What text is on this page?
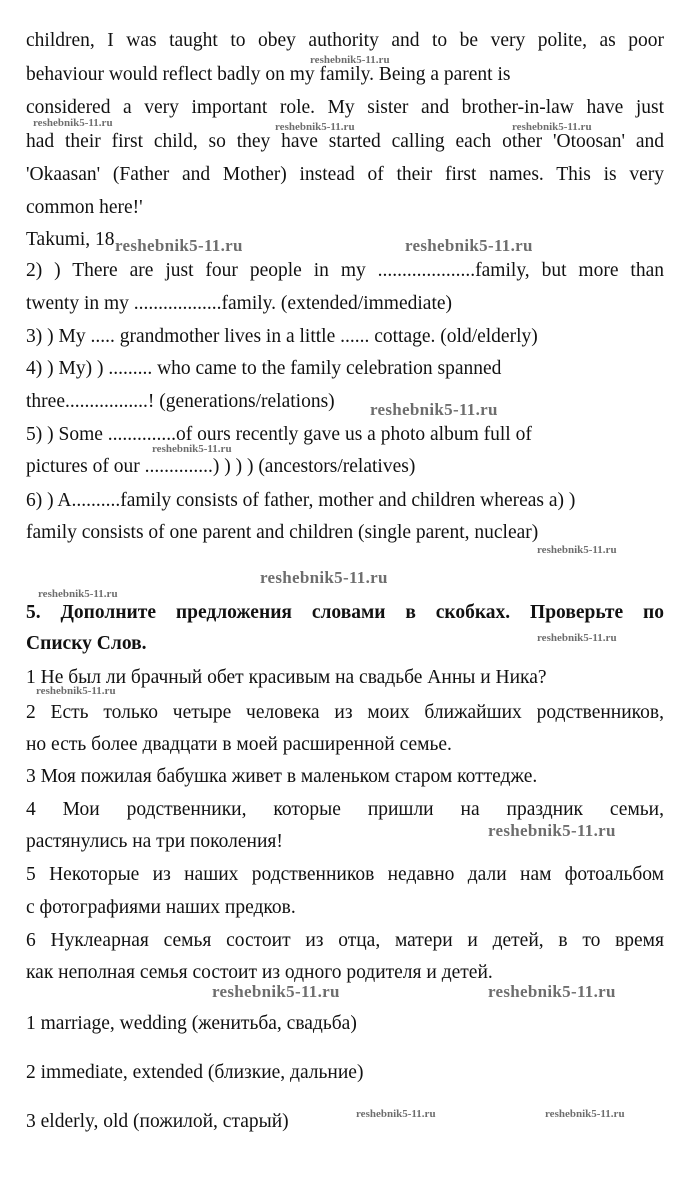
children, I was taught to obey authority and to be very polite, as poor
behaviour would reflect badly on my family. Being a parent is
considered a very important role. My sister and brother-in-law have just
had their first child, so they have started calling each other 'Otoosan' and
'Okaasan' (Father and Mother) instead of their first names. This is very
common here!'
Takumi, 18
2) ) There are just four people in my ....................family, but more than
twenty in my ..................family. (extended/immediate)
3) ) My ..... grandmother lives in a little ...... cottage. (old/elderly)
4) ) My) ) ......... who came to the family celebration spanned
three.................! (generations/relations)
5) ) Some ..............of ours recently gave us a photo album full of
pictures of our ..............) ) ) ) (ancestors/relatives)
6) ) A..........family consists of father, mother and children whereas a) )
family consists of one parent and children (single parent, nuclear)
5. Дополните предложения словами в скобках. Проверьте по
Списку Слов.
1 Не был ли брачный обет красивым на свадьбе Анны и Ника?
2 Есть только четыре человека из моих ближайших родственников,
но есть более двадцати в моей расширенной семье.
3 Моя пожилая бабушка живет в маленьком старом коттедже.
4 Мои родственники, которые пришли на праздник семьи,
растянулись на три поколения!
5 Некоторые из наших родственников недавно дали нам фотоальбом
с фотографиями наших предков.
6 Нуклеарная семья состоит из отца, матери и детей, в то время
как неполная семья состоит из одного родителя и детей.
1 marriage, wedding (женитьба, свадьба)
2 immediate, extended (близкие, дальние)
3 elderly, old (пожилой, старый)
reshebnik5-11.ru
reshebnik5-11.ru	reshebnik5-11.ru	reshebnik5-11.ru
reshebnik5-11.ru	reshebnik5-11.ru
reshebnik5-11.ru
reshebnik5-11.ru
reshebnik5-11.ru
reshebnik5-11.ru
reshebnik5-11.ru
reshebnik5-11.ru
reshebnik5-11.ru
reshebnik5-11.ru
reshebnik5-11.ru	reshebnik5-11.ru
reshebnik5-11.ru	reshebnik5-11.ru
